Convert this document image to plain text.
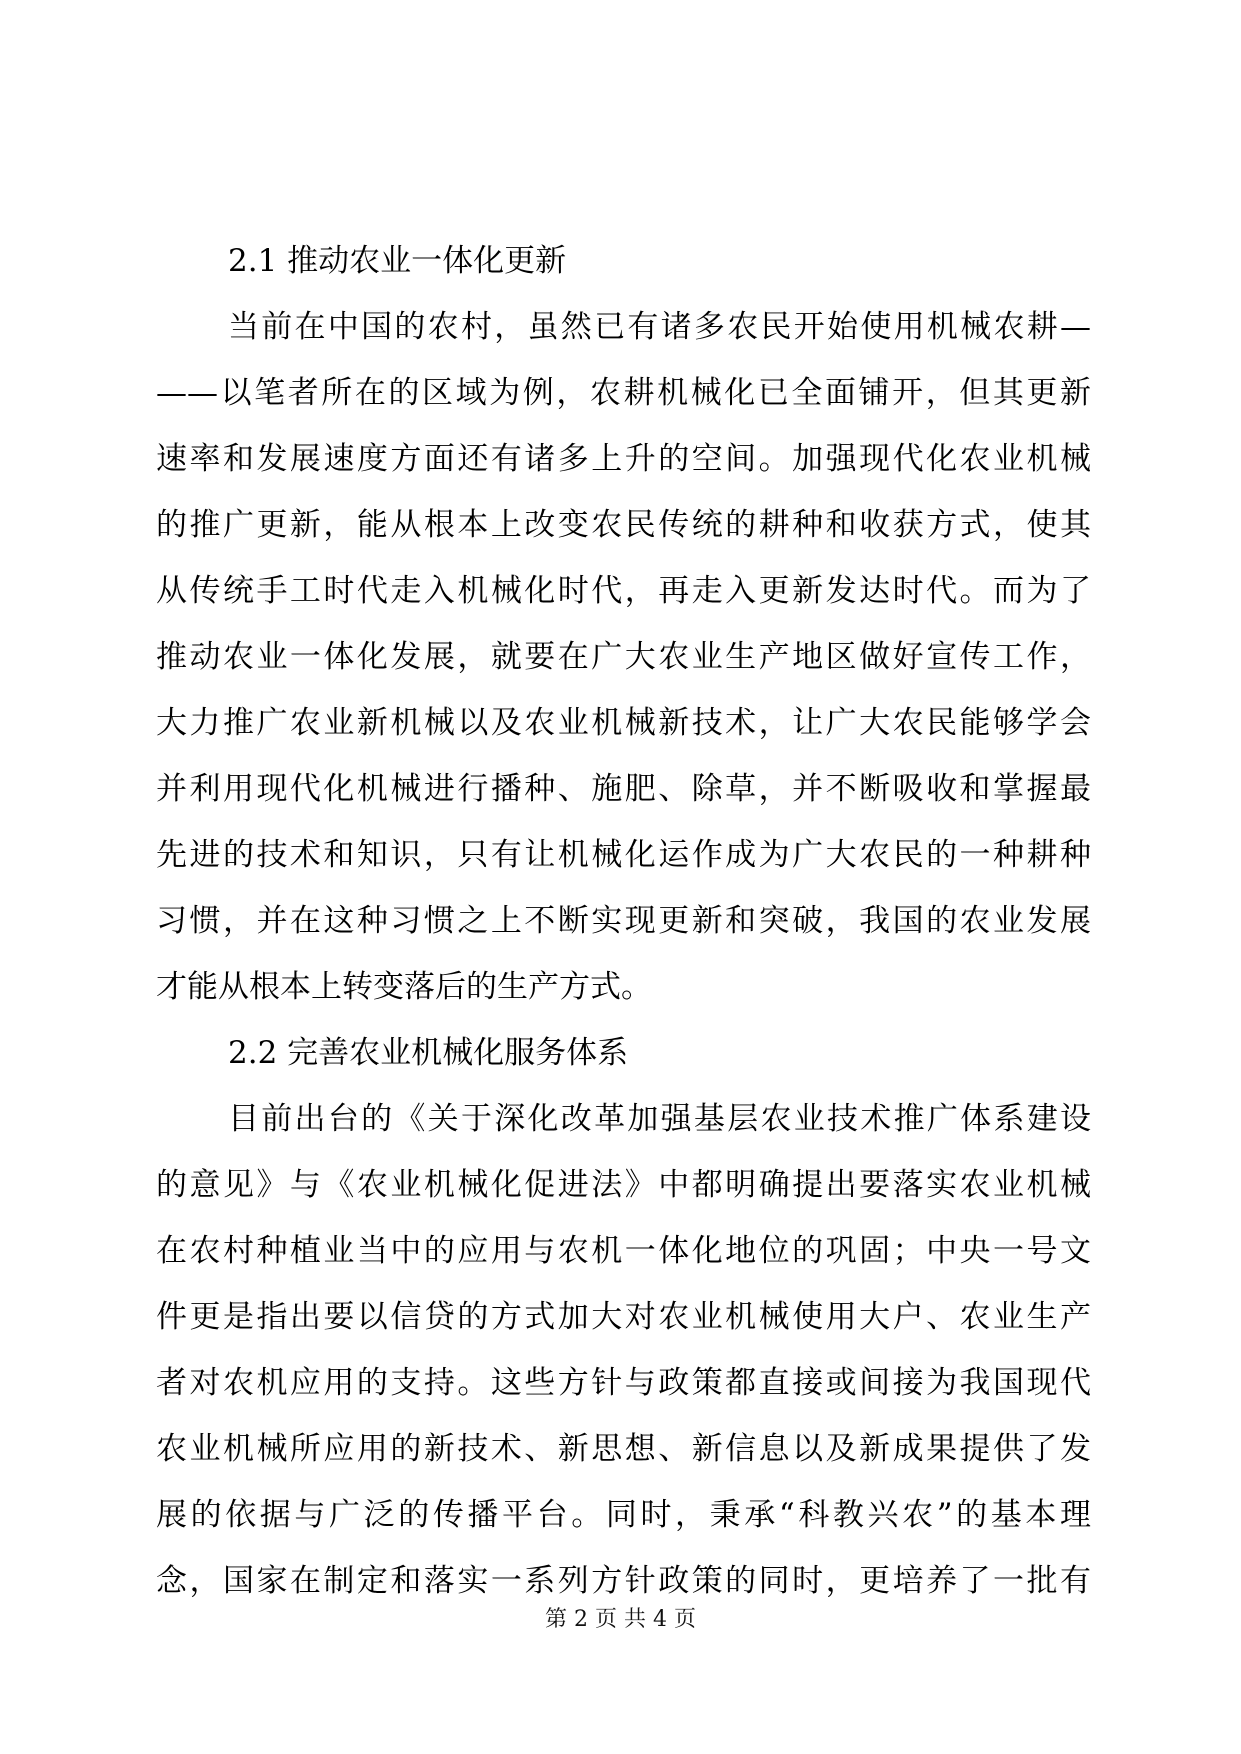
2.1 推动农业一体化更新

当前在中国的农村，虽然已有诸多农民开始使用机械农耕—

——以笔者所在的区域为例，农耕机械化已全面铺开，但其更新

速率和发展速度方面还有诸多上升的空间。加强现代化农业机械

的推广更新，能从根本上改变农民传统的耕种和收获方式，使其

从传统手工时代走入机械化时代，再走入更新发达时代。而为了

推动农业一体化发展，就要在广大农业生产地区做好宣传工作，

大力推广农业新机械以及农业机械新技术，让广大农民能够学会

并利用现代化机械进行播种、施肥、除草，并不断吸收和掌握最

先进的技术和知识，只有让机械化运作成为广大农民的一种耕种

习惯，并在这种习惯之上不断实现更新和突破，我国的农业发展

才能从根本上转变落后的生产方式。

2.2 完善农业机械化服务体系

目前出台的《关于深化改革加强基层农业技术推广体系建设

的意见》与《农业机械化促进法》中都明确提出要落实农业机械

在农村种植业当中的应用与农机一体化地位的巩固；中央一号文

件更是指出要以信贷的方式加大对农业机械使用大户、农业生产

者对农机应用的支持。这些方针与政策都直接或间接为我国现代

农业机械所应用的新技术、新思想、新信息以及新成果提供了发

展的依据与广泛的传播平台。同时，秉承“科教兴农”的基本理

念，国家在制定和落实一系列方针政策的同时，更培养了一批有

第 2 页 共 4 页
